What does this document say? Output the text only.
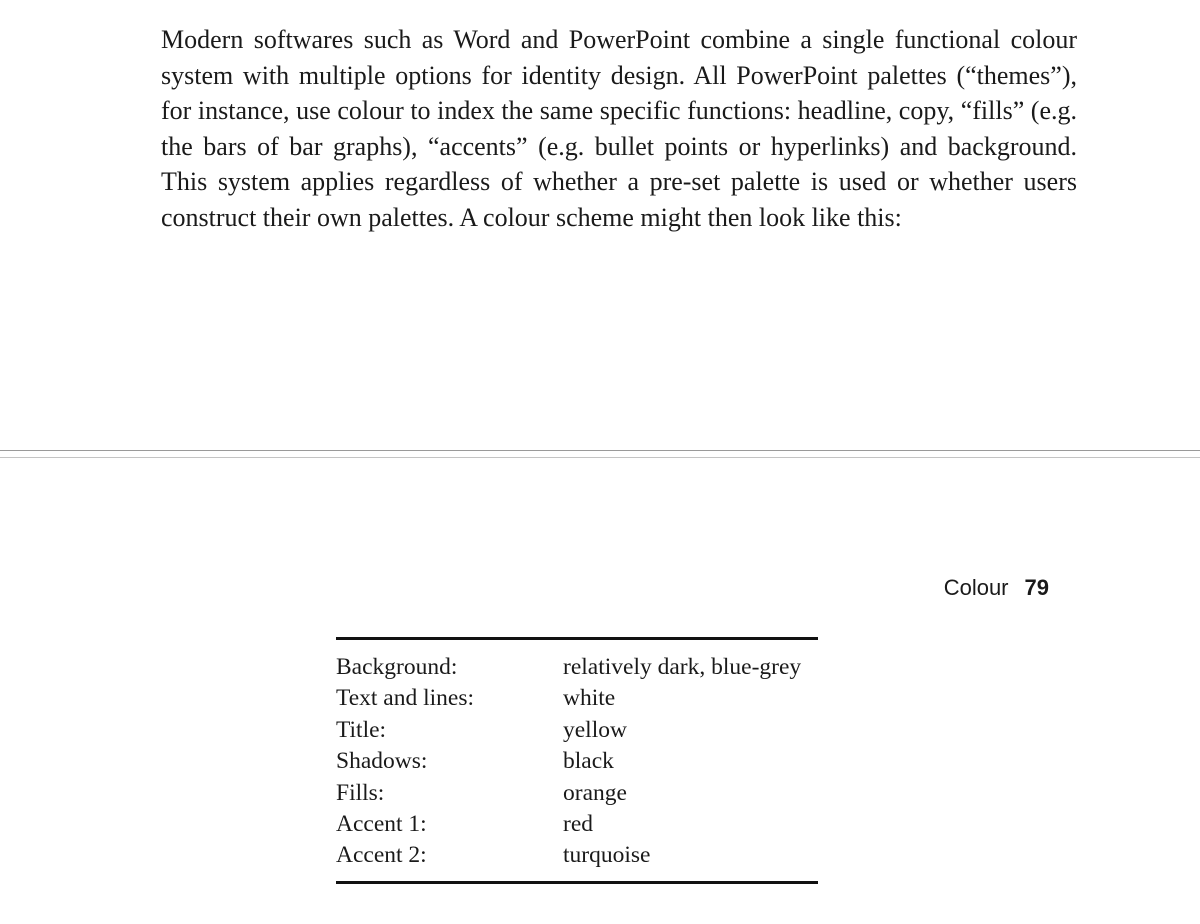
Modern softwares such as Word and PowerPoint combine a single functional colour system with multiple options for identity design. All PowerPoint palettes (“themes”), for instance, use colour to index the same specific functions: headline, copy, “fills” (e.g. the bars of bar graphs), “accents” (e.g. bullet points or hyperlinks) and background. This system applies regardless of whether a pre-set palette is used or whether users construct their own palettes. A colour scheme might then look like this:

Colour 79
Background:	relatively dark, blue-grey
Text and lines:	white
Title:	yellow
Shadows:	black
Fills:	orange
Accent 1:	red
Accent 2:	turquoise
